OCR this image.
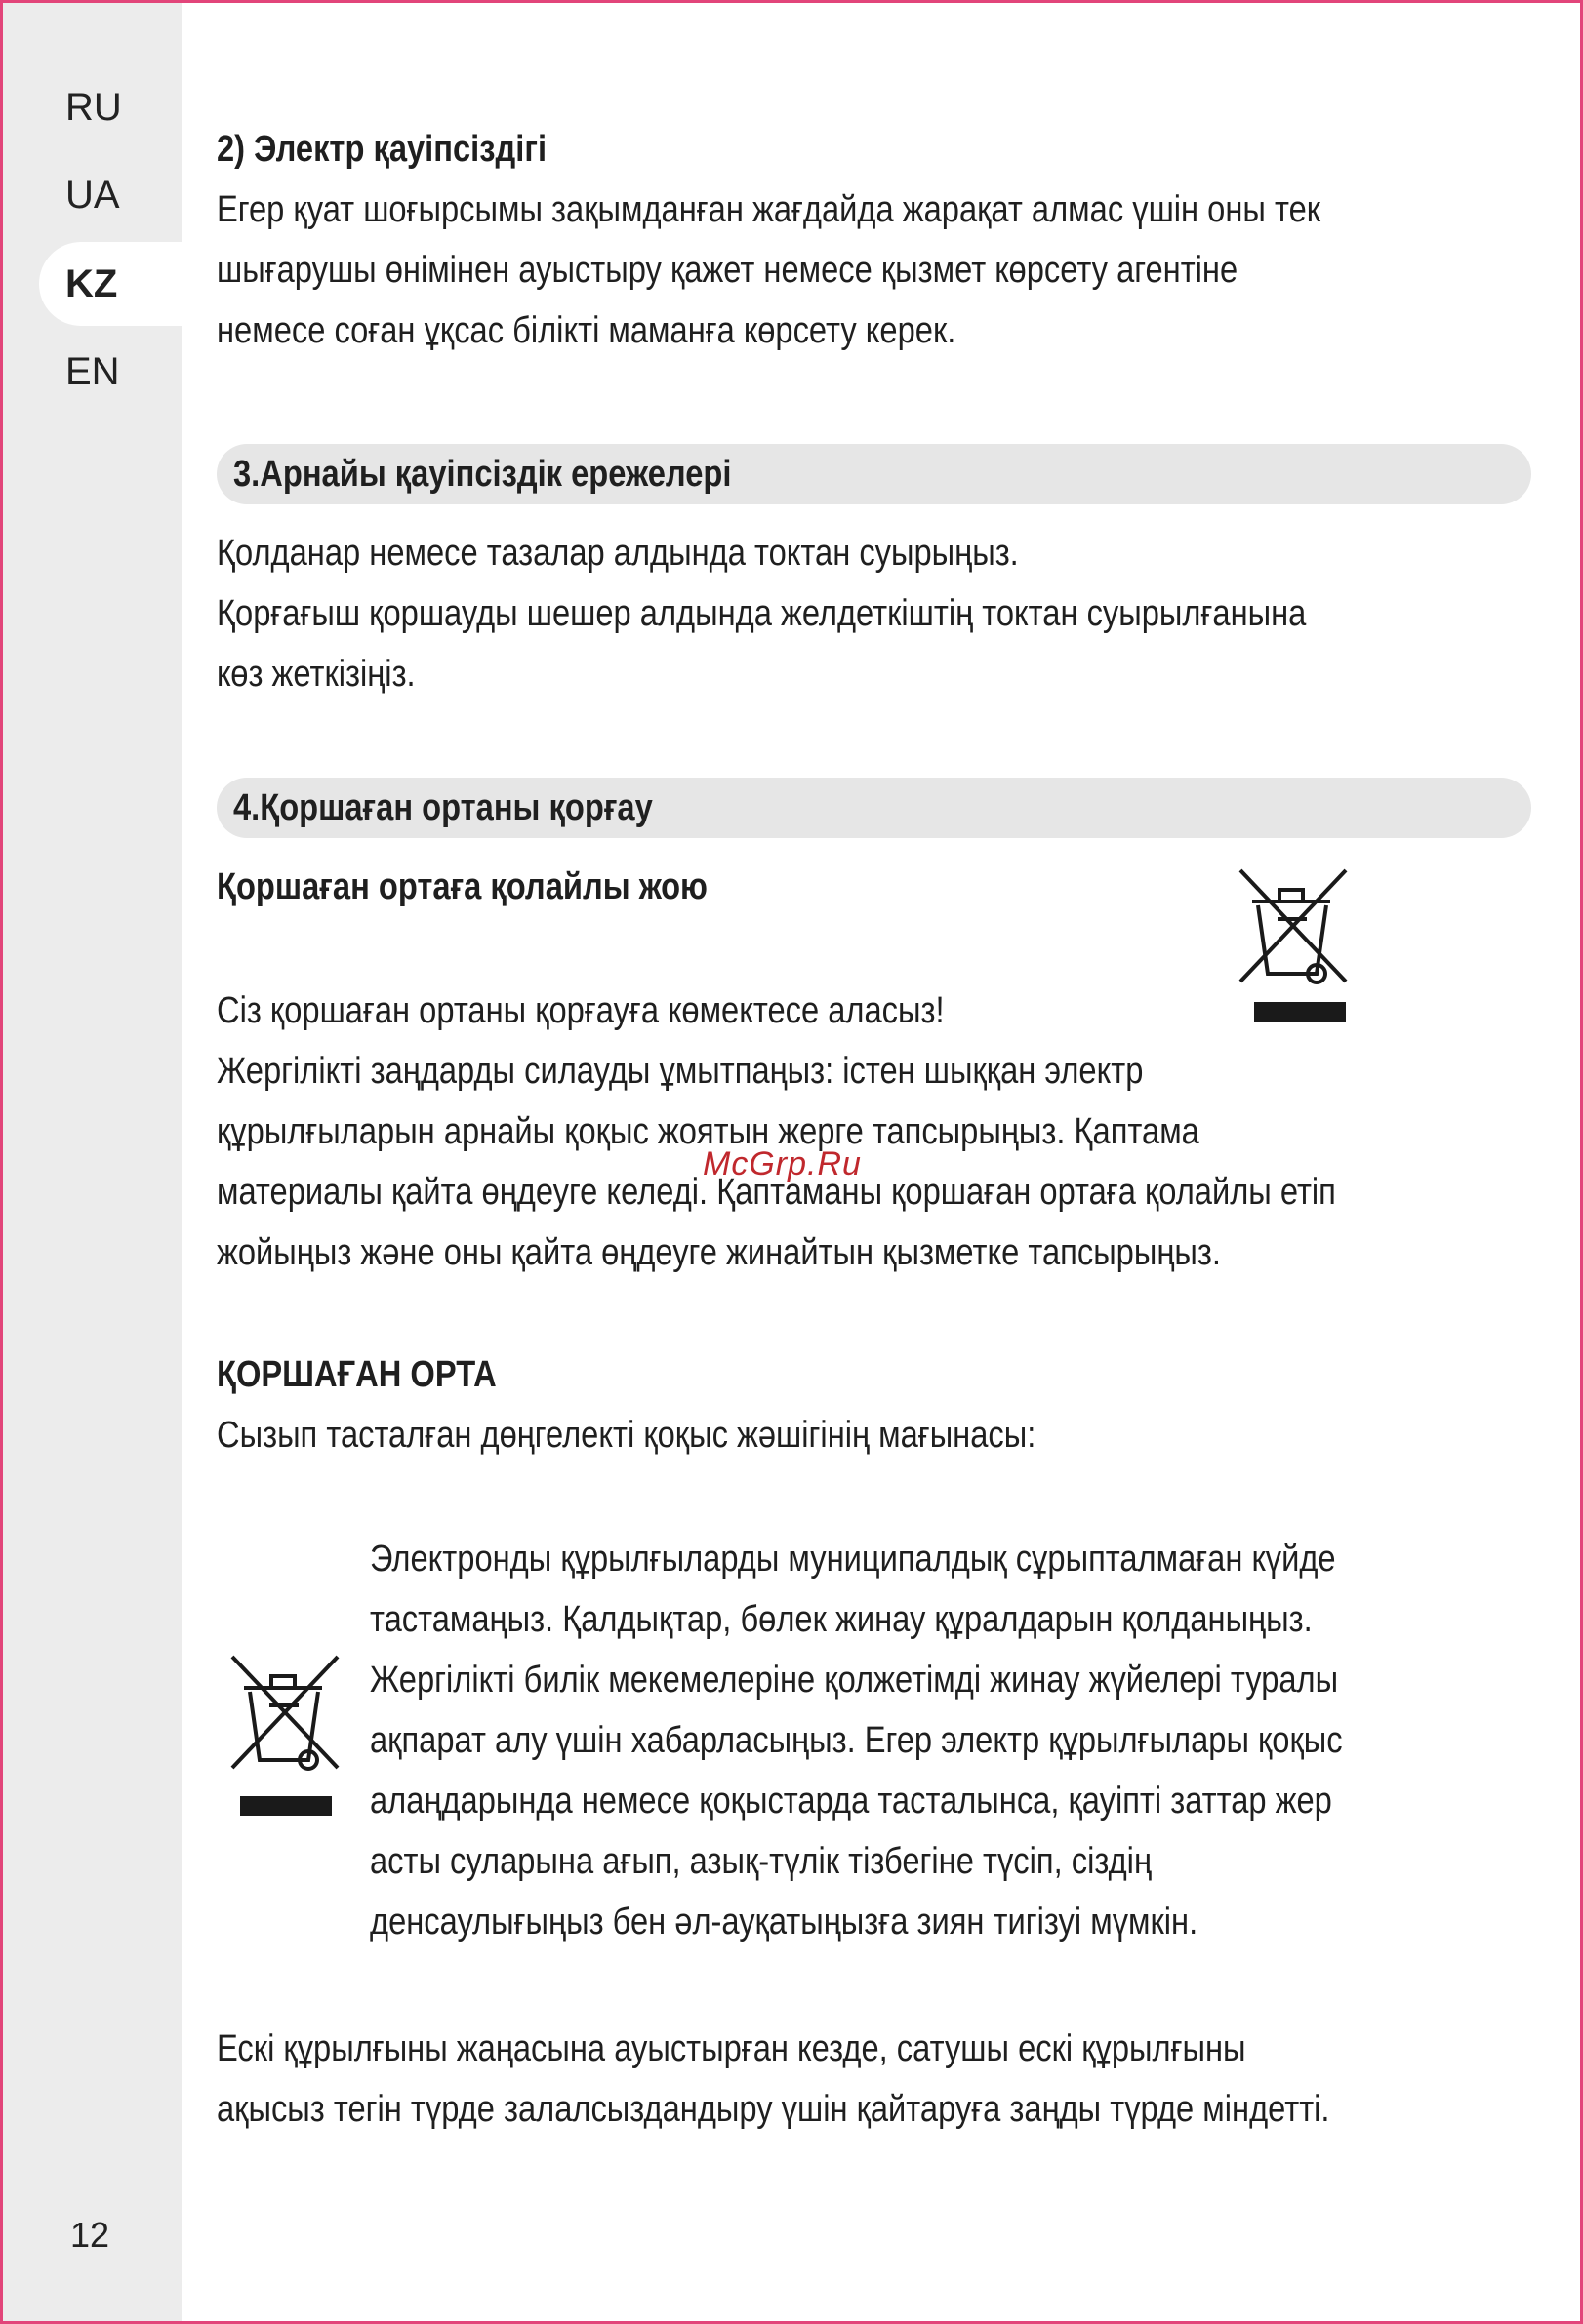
RU
UA
KZ
EN
12

2) Электр қауіпсіздігі

Егер қуат шоғырсымы зақымданған жағдайда жарақат алмас үшін оны тек
шығарушы өнімінен ауыстыру қажет немесе қызмет көрсету агентіне
немесе соған ұқсас білікті маманға көрсету керек.

3.Арнайы қауіпсіздік ережелері

Қолданар немесе тазалар алдында токтан суырыңыз.
Қорғағыш қоршауды шешер алдында желдеткіштің токтан суырылғанына
көз жеткізіңіз.

4.Қоршаған ортаны қорғау

Қоршаған ортаға қолайлы жою

Сіз қоршаған ортаны қорғауға көмектесе аласыз!
Жергілікті заңдарды силауды ұмытпаңыз: істен шыққан электр
құрылғыларын арнайы қоқыс жоятын жерге тапсырыңыз. Қаптама
материалы қайта өңдеуге келеді. Қаптаманы қоршаған ортаға қолайлы етіп
жойыңыз және оны қайта өңдеуге жинайтын қызметке тапсырыңыз.

ҚОРШАҒАН ОРТА

Сызып тасталған дөңгелекті қоқыс жәшігінің мағынасы:

Электронды құрылғыларды муниципалдық сұрыпталмаған күйде
тастамаңыз. Қалдықтар, бөлек жинау құралдарын қолданыңыз.
Жергілікті билік мекемелеріне қолжетімді жинау жүйелері туралы
ақпарат алу үшін хабарласыңыз. Егер электр құрылғылары қоқыс
алаңдарында немесе қоқыстарда тасталынса, қауіпті заттар жер
асты суларына ағып, азық-түлік тізбегіне түсіп, сіздің
денсаулығыңыз бен әл-ауқатыңызға зиян тигізуі мүмкін.

Ескі құрылғыны жаңасына ауыстырған кезде, сатушы ескі құрылғыны
ақысыз тегін түрде залалсыздандыру үшін қайтаруға заңды түрде міндетті.

McGrp.Ru
